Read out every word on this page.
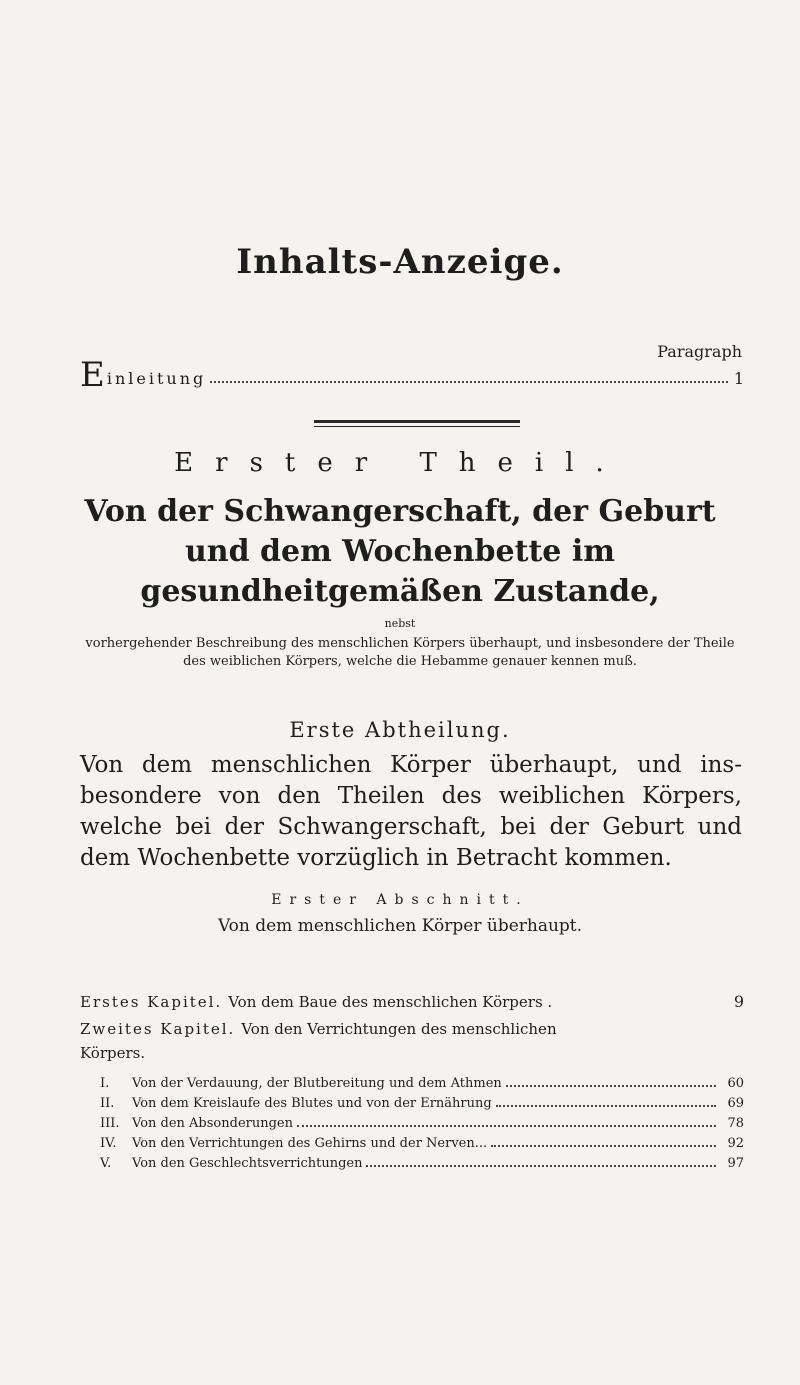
Inhalts-Anzeige.
Paragraph
E inleitung	1
Erster Theil.
Von der Schwangerschaft, der Geburt und dem Wochenbette im gesundheitgemäßen Zustande,
nebst
vorhergehender Beschreibung des menschlichen Körpers überhaupt, und insbesondere der Theile des weiblichen Körpers, welche die Hebamme genauer kennen muß.
Erste Abtheilung.
Von dem menschlichen Körper überhaupt, und ins-besondere von den Theilen des weiblichen Körpers, welche bei der Schwangerschaft, bei der Geburt und dem Wochenbette vorzüglich in Betracht kommen.
Erster Abschnitt.
Von dem menschlichen Körper überhaupt.
Erstes Kapitel. Von dem Baue des menschlichen Körpers .	9
Zweites Kapitel. Von den Verrichtungen des menschlichen
Körpers.
I.	Von der Verdauung, der Blutbereitung und dem Athmen	60
II.	Von dem Kreislaufe des Blutes und von der Ernährung	69
III. Von den Absonderungen	78
IV.	Von den Verrichtungen des Gehirns und der Nerven...	92
V.	Von den Geschlechtsverrichtungen	97
